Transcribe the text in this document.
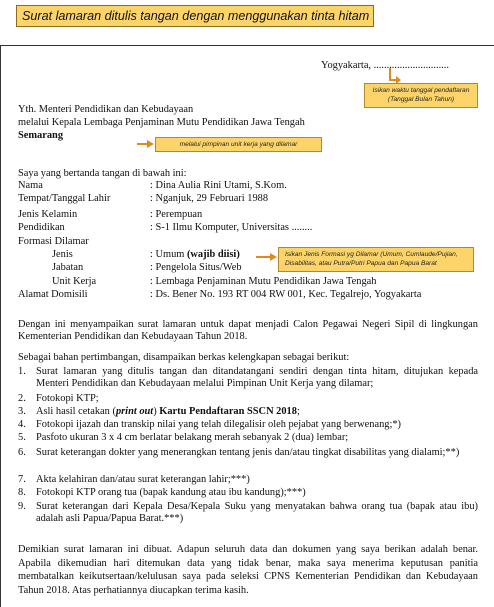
Surat lamaran ditulis tangan dengan menggunakan tinta hitam
Yogyakarta, .............................
Isikan waktu tanggal pendaftaran
(Tanggal Bulan Tahun)
Yth. Menteri Pendidikan dan Kebudayaan
melalui Kepala Lembaga Penjaminan Mutu Pendidikan Jawa Tengah
Semarang
melalui pimpinan unit kerja yang dilamar
Saya yang bertanda tangan di bawah ini:
Nama	: Dina Aulia Rini Utami, S.Kom.
Tempat/Tanggal Lahir	: Nganjuk, 29 Februari 1988
Jenis Kelamin	: Perempuan
Pendidikan	: S-1 Ilmu Komputer, Universitas ........
Formasi Dilamar
Jenis	: Umum (wajib diisi)
Jabatan	: Pengelola Situs/Web
Unit Kerja	: Lembaga Penjaminan Mutu Pendidikan Jawa Tengah
Alamat Domisili	: Ds. Bener No. 193 RT 004 RW 001, Kec. Tegalrejo, Yogyakarta
Isikan Jenis Formasi yg Dilamar (Umum, Cumlaude/Pujian,
Disabilitas, atau Putra/Putri Papua dan Papua Barat
Dengan ini menyampaikan surat lamaran untuk dapat menjadi Calon Pegawai Negeri Sipil di lingkungan Kementerian Pendidikan dan Kebudayaan Tahun 2018.
Sebagai bahan pertimbangan, disampaikan berkas kelengkapan sebagai berikut:
1. Surat lamaran yang ditulis tangan dan ditandatangani sendiri dengan tinta hitam, ditujukan kepada Menteri Pendidikan dan Kebudayaan melalui Pimpinan Unit Kerja yang dilamar;
2. Fotokopi KTP;
3. Asli hasil cetakan (print out) Kartu Pendaftaran SSCN 2018;
4. Fotokopi ijazah dan transkip nilai yang telah dilegalisir oleh pejabat yang berwenang;*)
5. Pasfoto ukuran 3 x 4 cm berlatar belakang merah sebanyak 2 (dua) lembar;
6. Surat keterangan dokter yang menerangkan tentang jenis dan/atau tingkat disabilitas yang dialami;**)
7. Akta kelahiran dan/atau surat keterangan lahir;***)
8. Fotokopi KTP orang tua (bapak kandung atau ibu kandung);***)
9. Surat keterangan dari Kepala Desa/Kepala Suku yang menyatakan bahwa orang tua (bapak atau ibu) adalah asli Papua/Papua Barat.***)
Demikian surat lamaran ini dibuat. Adapun seluruh data dan dokumen yang saya berikan adalah benar. Apabila dikemudian hari ditemukan data yang tidak benar, maka saya menerima keputusan panitia membatalkan keikutsertaan/kelulusan saya pada seleksi CPNS Kementerian Pendidikan dan Kebudayaan Tahun 2018. Atas perhatiannya diucapkan terima kasih.
